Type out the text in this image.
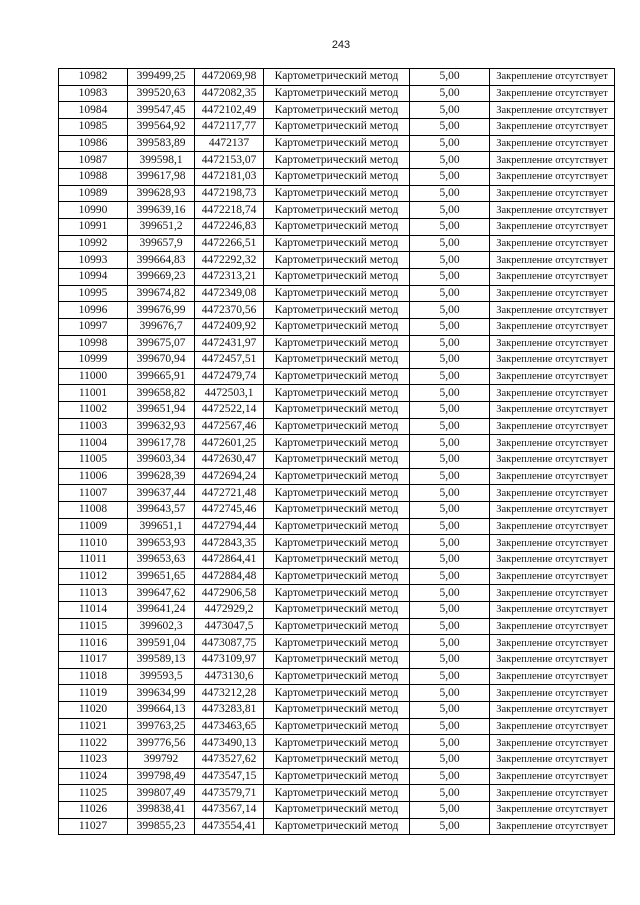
243
10982	399499,25	4472069,98	Картометрический метод	5,00	Закрепление отсутствует
10983	399520,63	4472082,35	Картометрический метод	5,00	Закрепление отсутствует
10984	399547,45	4472102,49	Картометрический метод	5,00	Закрепление отсутствует
10985	399564,92	4472117,77	Картометрический метод	5,00	Закрепление отсутствует
10986	399583,89	4472137	Картометрический метод	5,00	Закрепление отсутствует
10987	399598,1	4472153,07	Картометрический метод	5,00	Закрепление отсутствует
10988	399617,98	4472181,03	Картометрический метод	5,00	Закрепление отсутствует
10989	399628,93	4472198,73	Картометрический метод	5,00	Закрепление отсутствует
10990	399639,16	4472218,74	Картометрический метод	5,00	Закрепление отсутствует
10991	399651,2	4472246,83	Картометрический метод	5,00	Закрепление отсутствует
10992	399657,9	4472266,51	Картометрический метод	5,00	Закрепление отсутствует
10993	399664,83	4472292,32	Картометрический метод	5,00	Закрепление отсутствует
10994	399669,23	4472313,21	Картометрический метод	5,00	Закрепление отсутствует
10995	399674,82	4472349,08	Картометрический метод	5,00	Закрепление отсутствует
10996	399676,99	4472370,56	Картометрический метод	5,00	Закрепление отсутствует
10997	399676,7	4472409,92	Картометрический метод	5,00	Закрепление отсутствует
10998	399675,07	4472431,97	Картометрический метод	5,00	Закрепление отсутствует
10999	399670,94	4472457,51	Картометрический метод	5,00	Закрепление отсутствует
11000	399665,91	4472479,74	Картометрический метод	5,00	Закрепление отсутствует
11001	399658,82	4472503,1	Картометрический метод	5,00	Закрепление отсутствует
11002	399651,94	4472522,14	Картометрический метод	5,00	Закрепление отсутствует
11003	399632,93	4472567,46	Картометрический метод	5,00	Закрепление отсутствует
11004	399617,78	4472601,25	Картометрический метод	5,00	Закрепление отсутствует
11005	399603,34	4472630,47	Картометрический метод	5,00	Закрепление отсутствует
11006	399628,39	4472694,24	Картометрический метод	5,00	Закрепление отсутствует
11007	399637,44	4472721,48	Картометрический метод	5,00	Закрепление отсутствует
11008	399643,57	4472745,46	Картометрический метод	5,00	Закрепление отсутствует
11009	399651,1	4472794,44	Картометрический метод	5,00	Закрепление отсутствует
11010	399653,93	4472843,35	Картометрический метод	5,00	Закрепление отсутствует
11011	399653,63	4472864,41	Картометрический метод	5,00	Закрепление отсутствует
11012	399651,65	4472884,48	Картометрический метод	5,00	Закрепление отсутствует
11013	399647,62	4472906,58	Картометрический метод	5,00	Закрепление отсутствует
11014	399641,24	4472929,2	Картометрический метод	5,00	Закрепление отсутствует
11015	399602,3	4473047,5	Картометрический метод	5,00	Закрепление отсутствует
11016	399591,04	4473087,75	Картометрический метод	5,00	Закрепление отсутствует
11017	399589,13	4473109,97	Картометрический метод	5,00	Закрепление отсутствует
11018	399593,5	4473130,6	Картометрический метод	5,00	Закрепление отсутствует
11019	399634,99	4473212,28	Картометрический метод	5,00	Закрепление отсутствует
11020	399664,13	4473283,81	Картометрический метод	5,00	Закрепление отсутствует
11021	399763,25	4473463,65	Картометрический метод	5,00	Закрепление отсутствует
11022	399776,56	4473490,13	Картометрический метод	5,00	Закрепление отсутствует
11023	399792	4473527,62	Картометрический метод	5,00	Закрепление отсутствует
11024	399798,49	4473547,15	Картометрический метод	5,00	Закрепление отсутствует
11025	399807,49	4473579,71	Картометрический метод	5,00	Закрепление отсутствует
11026	399838,41	4473567,14	Картометрический метод	5,00	Закрепление отсутствует
11027	399855,23	4473554,41	Картометрический метод	5,00	Закрепление отсутствует
